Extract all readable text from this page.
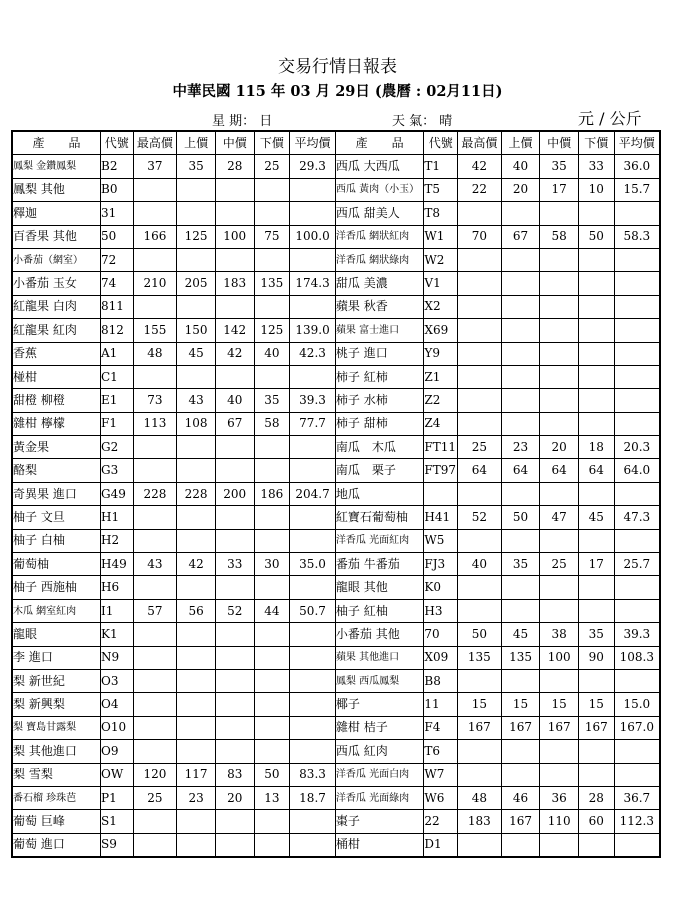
交易行情日報表
中華民國 115 年 03 月 29日 (農曆 : 02月11日)
星 期： 日	天 氣： 晴	元 / 公斤
產　　品	代號	最高價	上價	中價	下價	平均價	產　　品	代號	最高價	上價	中價	下價	平均價
鳳梨 金鑽鳳梨	B2	37	35	28	25	29.3	西瓜 大西瓜	T1	42	40	35	33	36.0
鳳梨 其他	B0						西瓜 黃肉（小玉）	T5	22	20	17	10	15.7
釋迦	31						西瓜 甜美人	T8					
百香果 其他	50	166	125	100	75	100.0	洋香瓜 網狀紅肉	W1	70	67	58	50	58.3
小番茄（網室）	72						洋香瓜 網狀綠肉	W2					
小番茄 玉女	74	210	205	183	135	174.3	甜瓜 美濃	V1					
紅龍果 白肉	811						蘋果 秋香	X2					
紅龍果 紅肉	812	155	150	142	125	139.0	蘋果 富士進口	X69					
香蕉	A1	48	45	42	40	42.3	桃子 進口	Y9					
椪柑	C1						柿子 紅柿	Z1					
甜橙 柳橙	E1	73	43	40	35	39.3	柿子 水柿	Z2					
雜柑 檸檬	F1	113	108	67	58	77.7	柿子 甜柿	Z4					
黃金果	G2						南瓜　木瓜	FT11	25	23	20	18	20.3
酪梨	G3						南瓜　栗子	FT97	64	64	64	64	64.0
奇異果 進口	G49	228	228	200	186	204.7	地瓜						
柚子 文旦	H1						紅寶石葡萄柚	H41	52	50	47	45	47.3
柚子 白柚	H2						洋香瓜 光面紅肉	W5					
葡萄柚	H49	43	42	33	30	35.0	番茄 牛番茄	FJ3	40	35	25	17	25.7
柚子 西施柚	H6						龍眼 其他	K0					
木瓜 網室紅肉	I1	57	56	52	44	50.7	柚子 紅柚	H3					
龍眼	K1						小番茄 其他	70	50	45	38	35	39.3
李 進口	N9						蘋果 其他進口	X09	135	135	100	90	108.3
梨 新世紀	O3						鳳梨 西瓜鳳梨	B8					
梨 新興梨	O4						椰子	11	15	15	15	15	15.0
梨 寶島甘露梨	O10						雜柑 桔子	F4	167	167	167	167	167.0
梨 其他進口	O9						西瓜 紅肉	T6					
梨 雪梨	OW	120	117	83	50	83.3	洋香瓜 光面白肉	W7					
番石榴 珍珠芭	P1	25	23	20	13	18.7	洋香瓜 光面綠肉	W6	48	46	36	28	36.7
葡萄 巨峰	S1						棗子	22	183	167	110	60	112.3
葡萄 進口	S9						桶柑	D1					
